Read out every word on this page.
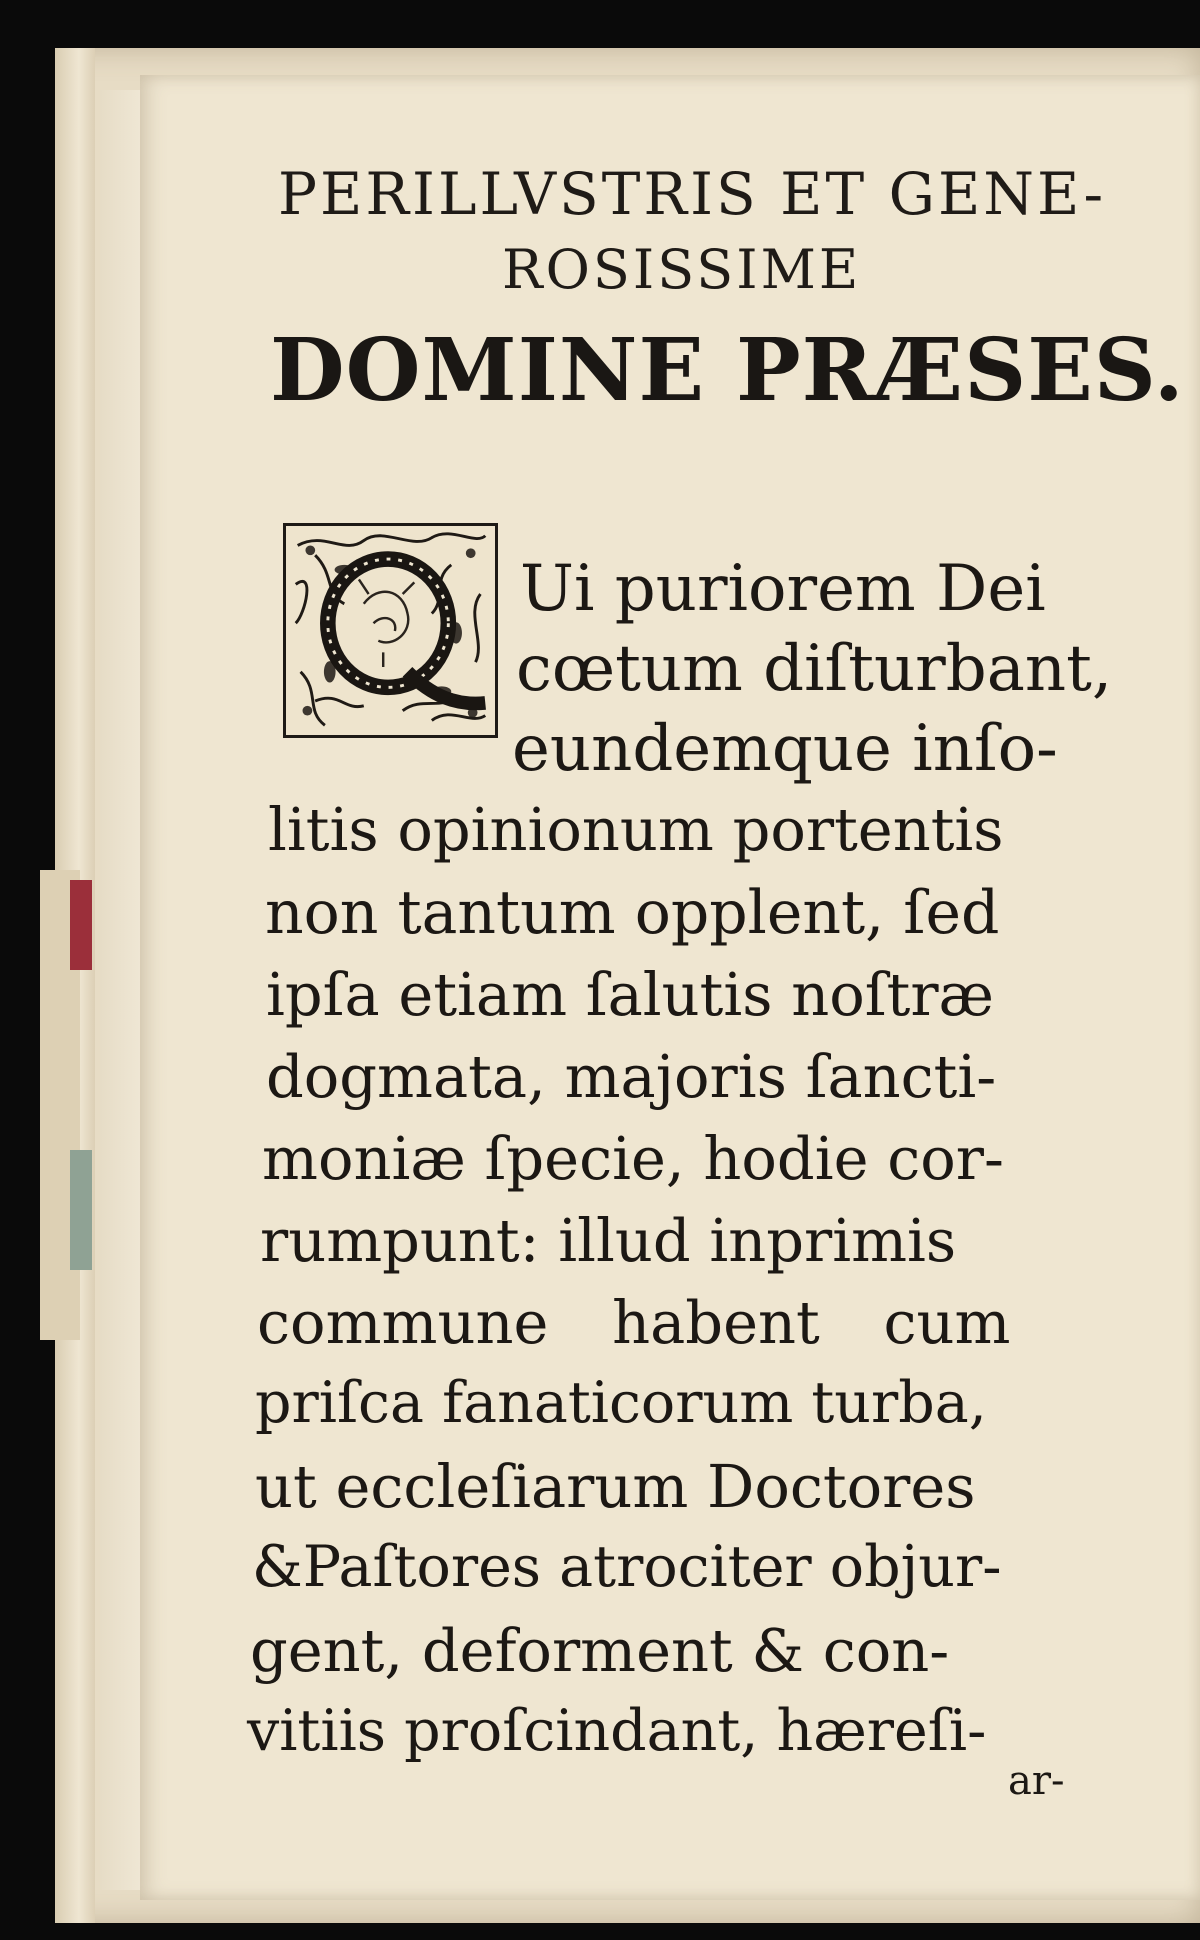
PERILLVSTRIS ET GENE-
ROSISSIME
DOMINE PRÆSES.
Ui puriorem Dei
cœtum diſturbant,
eundemque inſo-
litis opinionum portentis
non tantum opplent, ſed
ipſa etiam ſalutis noſtræ
dogmata, majoris ſancti-
moniæ ſpecie, hodie cor-
rumpunt: illud inprimis
commune habent cum
priſca fanaticorum turba,
ut eccleſiarum Doctores
&Paſtores atrociter objur-
gent, deforment & con-
vitiis proſcindant, hæreſi-
ar-
